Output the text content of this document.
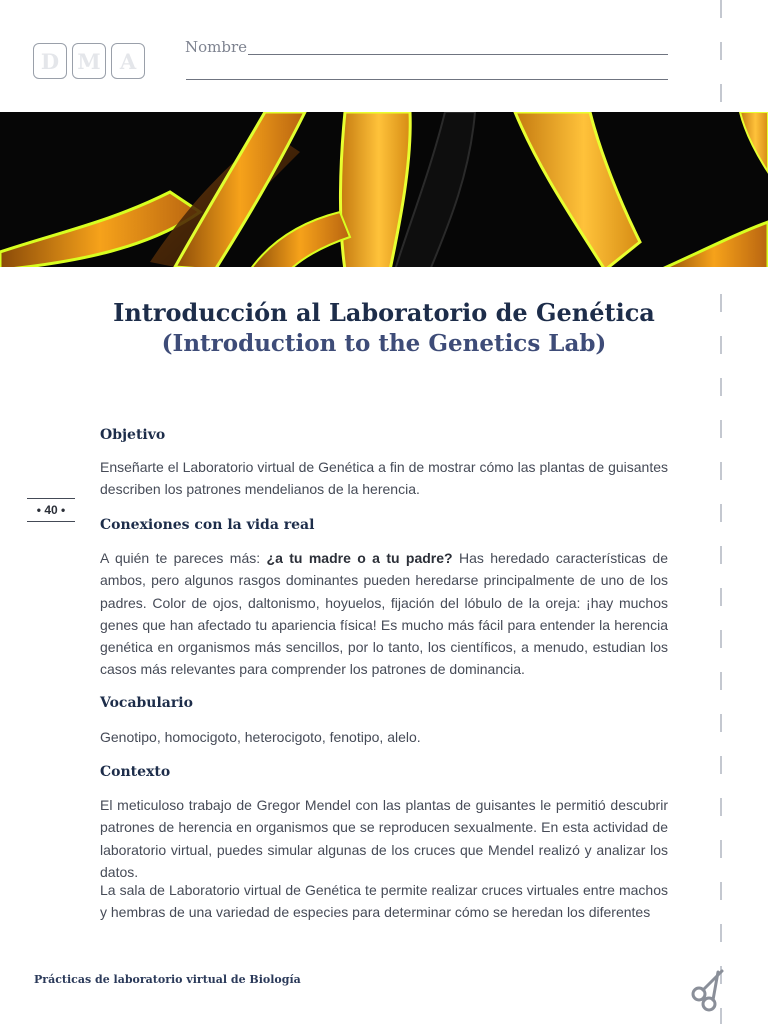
D M A
Nombre
Introducción al Laboratorio de Genética
(Introduction to the Genetics Lab)
• 40 •
Objetivo
Enseñarte el Laboratorio virtual de Genética a fin de mostrar cómo las plantas de guisantes describen los patrones mendelianos de la herencia.
Conexiones con la vida real
A quién te pareces más: ¿a tu madre o a tu padre? Has heredado características de ambos, pero algunos rasgos dominantes pueden heredarse principalmente de uno de los padres. Color de ojos, daltonismo, hoyuelos, fijación del lóbulo de la oreja: ¡hay muchos genes que han afectado tu apariencia física! Es mucho más fácil para entender la herencia genética en organismos más sencillos, por lo tanto, los científicos, a menudo, estudian los casos más relevantes para comprender los patrones de dominancia.
Vocabulario
Genotipo, homocigoto, heterocigoto, fenotipo, alelo.
Contexto
El meticuloso trabajo de Gregor Mendel con las plantas de guisantes le permitió descubrir patrones de herencia en organismos que se reproducen sexualmente. En esta actividad de laboratorio virtual, puedes simular algunas de los cruces que Mendel realizó y analizar los datos.
La sala de Laboratorio virtual de Genética te permite realizar cruces virtuales entre machos y hembras de una variedad de especies para determinar cómo se heredan los diferentes
Prácticas de laboratorio virtual de Biología
